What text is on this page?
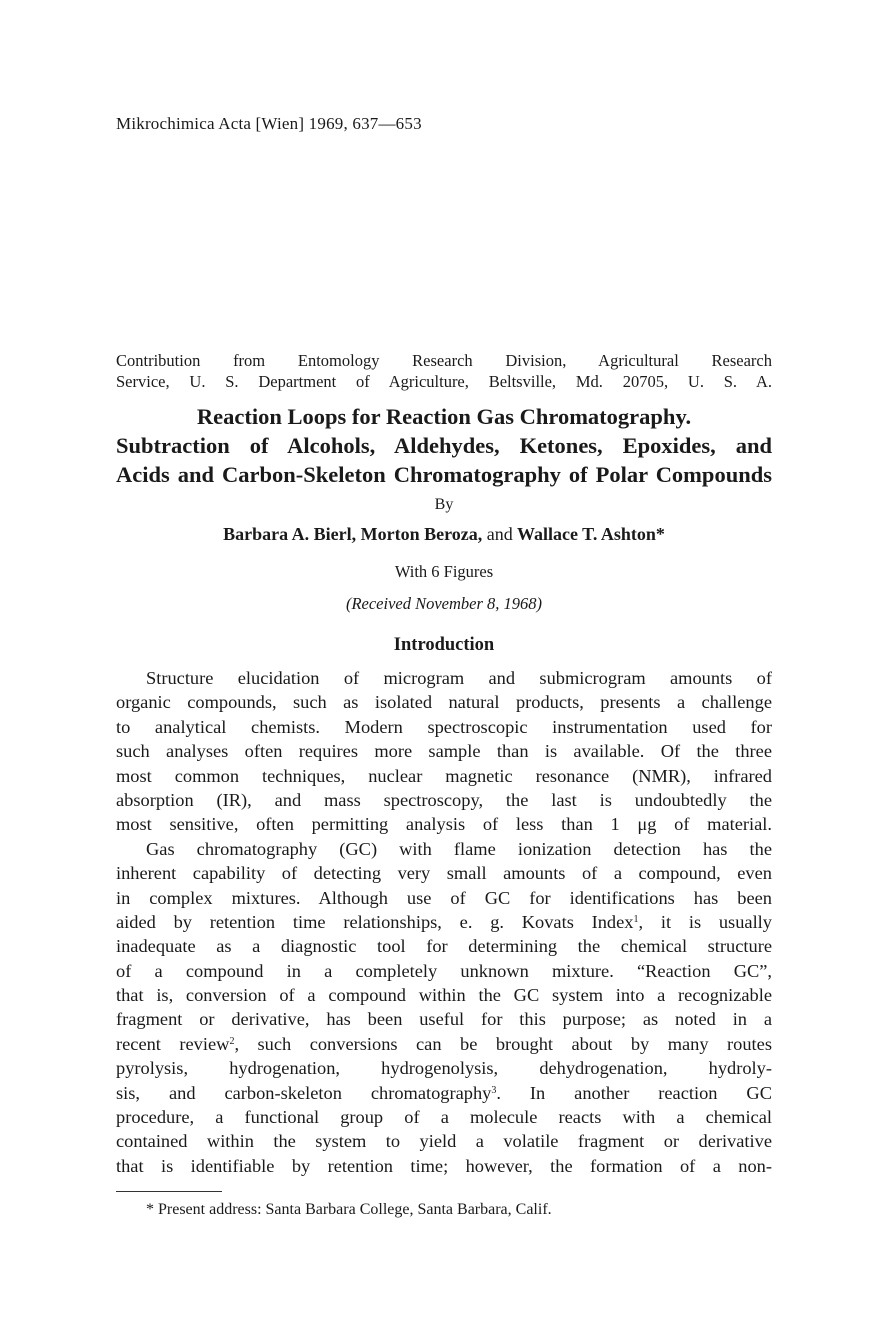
Mikrochimica Acta [Wien] 1969, 637—653
Contribution from Entomology Research Division, Agricultural Research
Service, U. S. Department of Agriculture, Beltsville, Md. 20705, U. S. A.
Reaction Loops for Reaction Gas Chromatography.
Subtraction of Alcohols, Aldehydes, Ketones, Epoxides, and
Acids and Carbon-Skeleton Chromatography of Polar Compounds
By
Barbara A. Bierl, Morton Beroza, and Wallace T. Ashton*
With 6 Figures
(Received November 8, 1968)
Introduction
Structure elucidation of microgram and submicrogram amounts of
organic compounds, such as isolated natural products, presents a challenge
to analytical chemists. Modern spectroscopic instrumentation used for
such analyses often requires more sample than is available. Of the three
most common techniques, nuclear magnetic resonance (NMR), infrared
absorption (IR), and mass spectroscopy, the last is undoubtedly the
most sensitive, often permitting analysis of less than 1 μg of material.
Gas chromatography (GC) with flame ionization detection has the
inherent capability of detecting very small amounts of a compound, even
in complex mixtures. Although use of GC for identifications has been
aided by retention time relationships, e. g. Kovats Index$^1$, it is usually
inadequate as a diagnostic tool for determining the chemical structure
of a compound in a completely unknown mixture. “Reaction GC”,
that is, conversion of a compound within the GC system into a recognizable
fragment or derivative, has been useful for this purpose; as noted in a
recent review$^2$, such conversions can be brought about by many routes
pyrolysis, hydrogenation, hydrogenolysis, dehydrogenation, hydroly-
sis, and carbon-skeleton chromatography$^3$. In another reaction GC
procedure, a functional group of a molecule reacts with a chemical
contained within the system to yield a volatile fragment or derivative
that is identifiable by retention time; however, the formation of a non-
* Present address: Santa Barbara College, Santa Barbara, Calif.
